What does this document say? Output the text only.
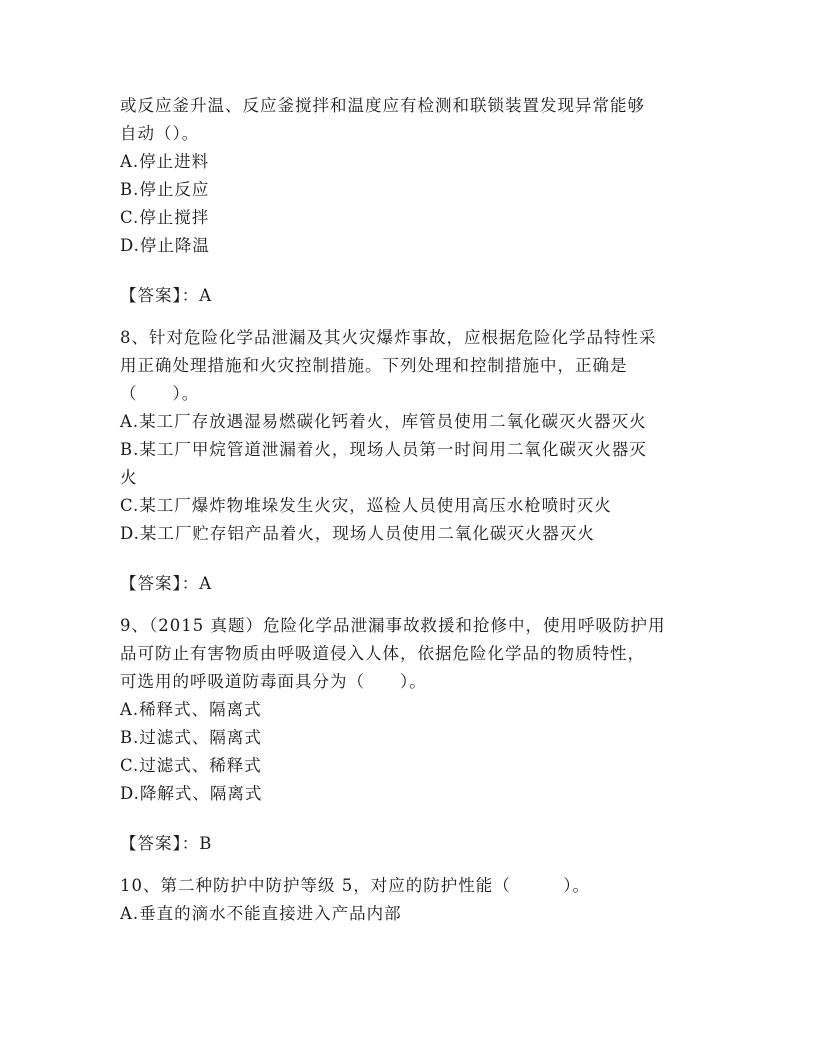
或反应釜升温、反应釜搅拌和温度应有检测和联锁装置发现异常能够
自动（）。
A.停止进料
B.停止反应
C.停止搅拌
D.停止降温
【答案】：A
8、针对危险化学品泄漏及其火灾爆炸事故，应根据危险化学品特性采
用正确处理措施和火灾控制措施。下列处理和控制措施中，正确是
（　　）。
A.某工厂存放遇湿易燃碳化钙着火，库管员使用二氧化碳灭火器灭火
B.某工厂甲烷管道泄漏着火，现场人员第一时间用二氧化碳灭火器灭
火
C.某工厂爆炸物堆垛发生火灾，巡检人员使用高压水枪喷时灭火
D.某工厂贮存铝产品着火，现场人员使用二氧化碳灭火器灭火
【答案】：A
9、（2015 真题）危险化学品泄漏事故救援和抢修中，使用呼吸防护用
品可防止有害物质由呼吸道侵入人体，依据危险化学品的物质特性，
可选用的呼吸道防毒面具分为（　　）。
A.稀释式、隔离式
B.过滤式、隔离式
C.过滤式、稀释式
D.降解式、隔离式
【答案】：B
10、第二种防护中防护等级 5，对应的防护性能（　　　）。
A.垂直的滴水不能直接进入产品内部
